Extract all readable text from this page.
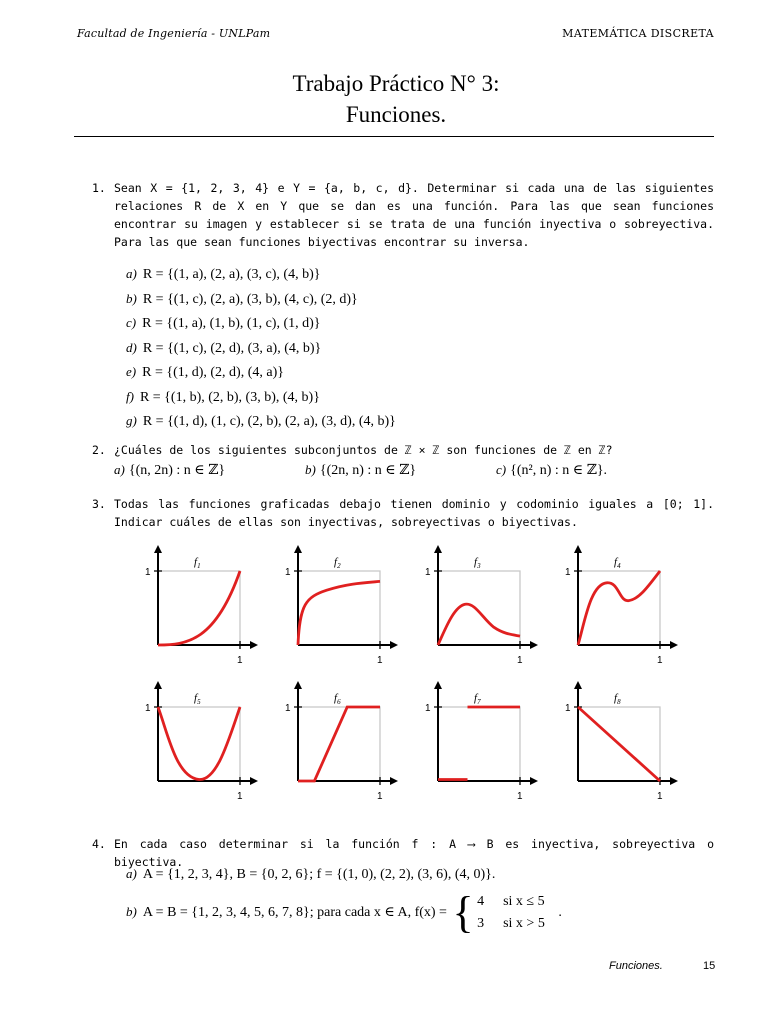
Facultad de Ingeniería - UNLPam	MATEMÁTICA DISCRETA
Trabajo Práctico N° 3:
Funciones.
1. Sean X = {1, 2, 3, 4} e Y = {a, b, c, d}. Determinar si cada una de las siguientes relaciones R de X en Y que se dan es una función. Para las que sean funciones encontrar su imagen y establecer si se trata de una función inyectiva o sobreyectiva. Para las que sean funciones biyectivas encontrar su inversa.
a) R = {(1, a), (2, a), (3, c), (4, b)}
b) R = {(1, c), (2, a), (3, b), (4, c), (2, d)}
c) R = {(1, a), (1, b), (1, c), (1, d)}
d) R = {(1, c), (2, d), (3, a), (4, b)}
e) R = {(1, d), (2, d), (4, a)}
f) R = {(1, b), (2, b), (3, b), (4, b)}
g) R = {(1, d), (1, c), (2, b), (2, a), (3, d), (4, b)}
2. ¿Cuáles de los siguientes subconjuntos de ℤ × ℤ son funciones de ℤ en ℤ?
a) {(n, 2n) : n ∈ ℤ}	b) {(2n, n) : n ∈ ℤ}	c) {(n², n) : n ∈ ℤ}.
3. Todas las funciones graficadas debajo tienen dominio y codominio iguales a [0; 1]. Indicar cuáles de ellas son inyectivas, sobreyectivas o biyectivas.
1
1
$f_1$
1
1
$f_2$
1
1
$f_3$
1
1
$f_4$
1
1
$f_5$
1
1
$f_6$
1
1
$f_7$
1
1
$f_8$
4. En cada caso determinar si la función f : A ⟶ B es inyectiva, sobreyectiva o biyectiva.
a) A = {1, 2, 3, 4}, B = {0, 2, 6}; f = {(1, 0), (2, 2), (3, 6), (4, 0)}.
b) A = B = {1, 2, 3, 4, 5, 6, 7, 8}; para cada x ∈ A, f(x) = { 4 si x ≤ 5
3 si x > 5
.
Funciones.	15
